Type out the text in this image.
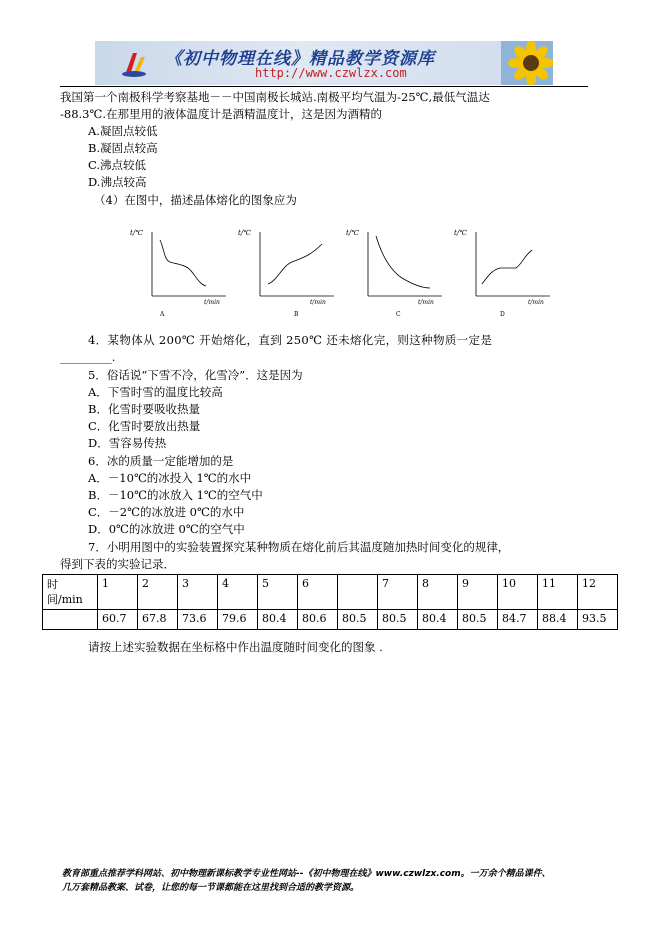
《初中物理在线》精品教学资源库
http://www.czwlzx.com
我国第一个南极科学考察基地－－中国南极长城站.南极平均气温为-25℃,最低气温达
-88.3℃.在那里用的液体温度计是酒精温度计，这是因为酒精的
A.凝固点较低
B.凝固点较高
C.沸点较低
D.沸点较高
（4）在图中，描述晶体熔化的图象应为
t/℃
t/min
A
t/℃
t/min
B
t/℃
t/min
C
t/℃
t/min
D
4．某物体从 200℃ 开始熔化，直到 250℃ 还未熔化完，则这种物质一定是
_________.
5．俗话说“下雪不冷，化雪冷”．这是因为
A．下雪时雪的温度比较高
B．化雪时要吸收热量
C．化雪时要放出热量
D．雪容易传热
6．冰的质量一定能增加的是
A．－10℃的冰投入 1℃的水中
B．－10℃的冰放入 1℃的空气中
C．－2℃的冰放进 0℃的水中
D．0℃的冰放进 0℃的空气中
7．小明用图中的实验装置探究某种物质在熔化前后其温度随加热时间变化的规律，
得到下表的实验记录．
时　间/min	1	2	3	4	5	6		7	8	9	10	11	12
	60.7	67.8	73.6	79.6	80.4	80.6	80.5	80.5	80.4	80.5	84.7	88.4	93.5
请按上述实验数据在坐标格中作出温度随时间变化的图象 .
教育部重点推荐学科网站、初中物理新课标教学专业性网站--《初中物理在线》www.czwlzx.com。一万余个精品课件、
几万套精品教案、试卷，让您的每一节课都能在这里找到合适的教学资源。
